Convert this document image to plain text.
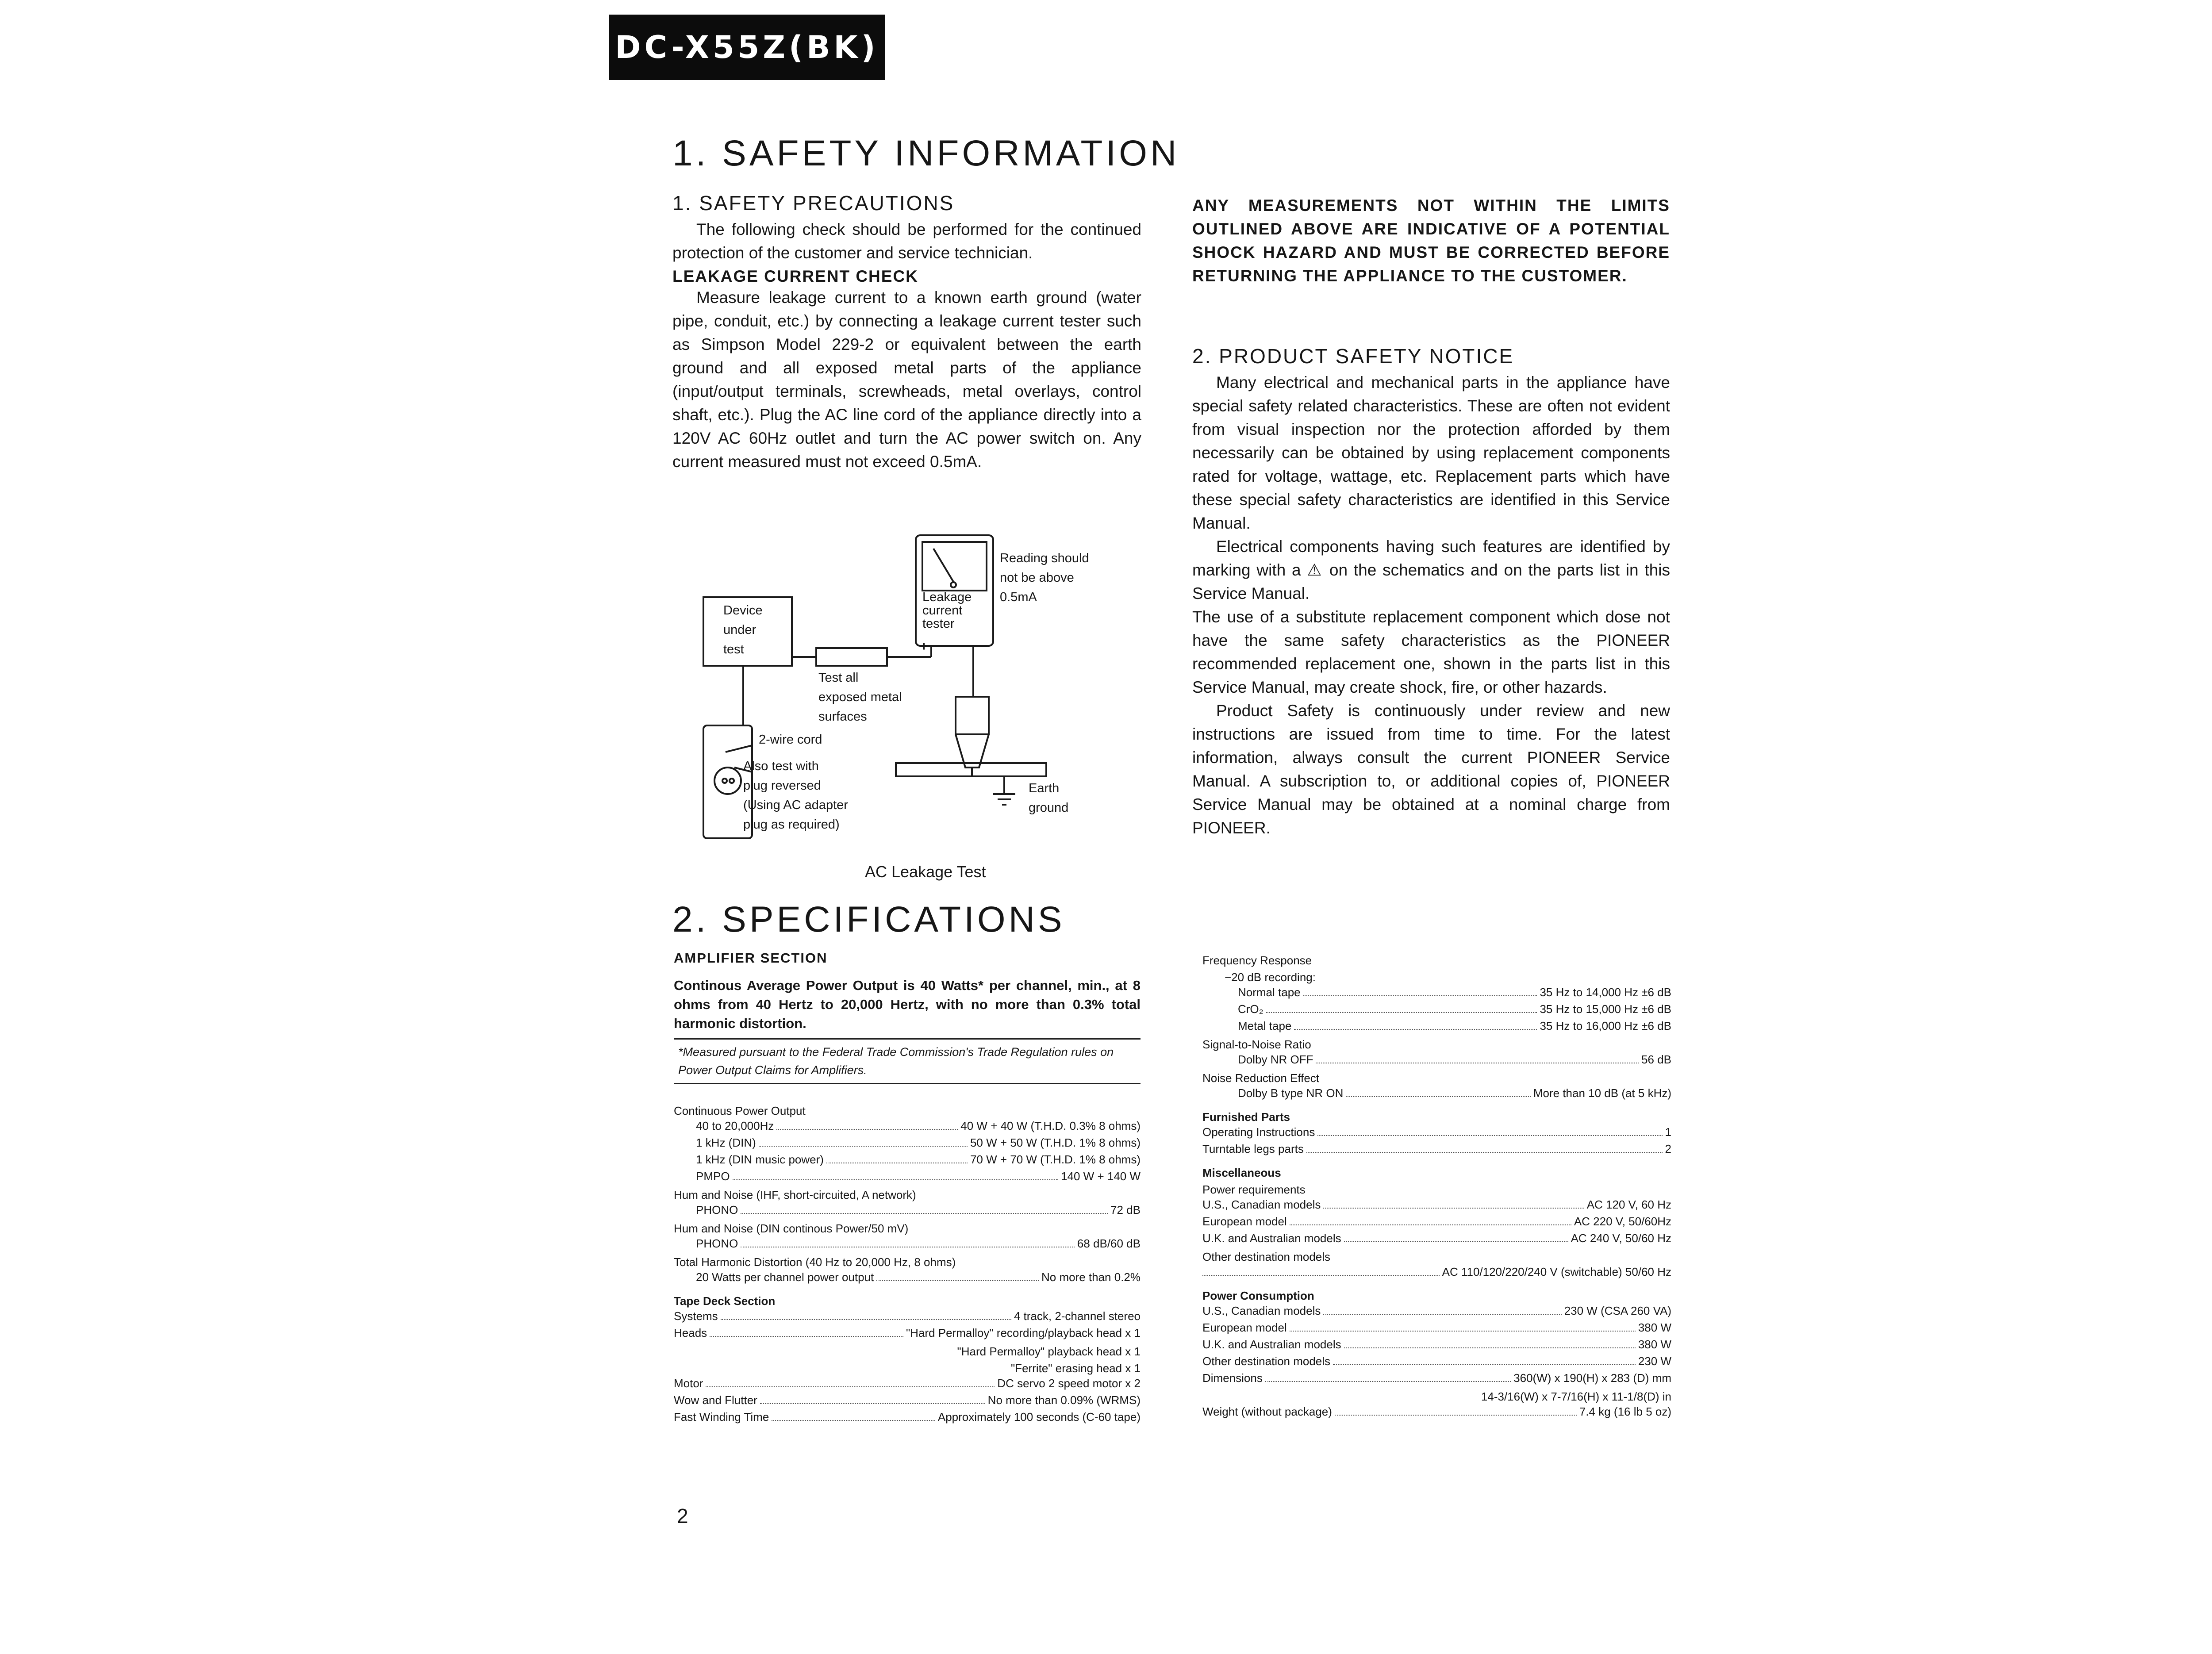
DC-X55Z(BK)
1. SAFETY INFORMATION
1. SAFETY PRECAUTIONS

The following check should be performed for the continued protection of the customer and service technician.

LEAKAGE CURRENT CHECK

Measure leakage current to a known earth ground (water pipe, conduit, etc.) by connecting a leakage current tester such as Simpson Model 229-2 or equivalent between the earth ground and all exposed metal parts of the appliance (input/output terminals, screwheads, metal overlays, control shaft, etc.). Plug the AC line cord of the appliance directly into a 120V AC 60Hz outlet and turn the AC power switch on. Any current measured must not exceed 0.5mA.

Device
under
test
Leakage
current
tester
Reading should
not be above
0.5mA
+	−
Test all
exposed metal
surfaces
2-wire cord
Also test with
plug reversed
(Using AC adapter
plug as required)
Earth
ground
AC Leakage Test

ANY MEASUREMENTS NOT WITHIN THE LIMITS OUTLINED ABOVE ARE INDICATIVE OF A POTENTIAL SHOCK HAZARD AND MUST BE CORRECTED BEFORE RETURNING THE APPLIANCE TO THE CUSTOMER.

2. PRODUCT SAFETY NOTICE

Many electrical and mechanical parts in the appliance have special safety related characteristics. These are often not evident from visual inspection nor the protection afforded by them necessarily can be obtained by using replacement components rated for voltage, wattage, etc. Replacement parts which have these special safety characteristics are identified in this Service Manual.

Electrical components having such features are identified by marking with a ⚠ on the schematics and on the parts list in this Service Manual.

The use of a substitute replacement component which dose not have the same safety characteristics as the PIONEER recommended replacement one, shown in the parts list in this Service Manual, may create shock, fire, or other hazards.

Product Safety is continuously under review and new instructions are issued from time to time. For the latest information, always consult the current PIONEER Service Manual. A subscription to, or additional copies of, PIONEER Service Manual may be obtained at a nominal charge from PIONEER.

2. SPECIFICATIONS

AMPLIFIER SECTION

Continous Average Power Output is 40 Watts* per channel, min., at 8 ohms from 40 Hertz to 20,000 Hertz, with no more than 0.3% total harmonic distortion.

*Measured pursuant to the Federal Trade Commission's Trade Regulation rules on Power Output Claims for Amplifiers.
Continuous Power Output
40 to 20,000Hz	40 W + 40 W (T.H.D. 0.3% 8 ohms)
1 kHz (DIN)	50 W + 50 W (T.H.D. 1% 8 ohms)
1 kHz (DIN music power)	70 W + 70 W (T.H.D. 1% 8 ohms)
PMPO	140 W + 140 W
Hum and Noise (IHF, short-circuited, A network)
PHONO	72 dB
Hum and Noise (DIN continous Power/50 mV)
PHONO	68 dB/60 dB
Total Harmonic Distortion (40 Hz to 20,000 Hz, 8 ohms)
20 Watts per channel power output	No more than 0.2%
Tape Deck Section
Systems	4 track, 2-channel stereo
Heads	"Hard Permalloy" recording/playback head x 1
"Hard Permalloy" playback head x 1
"Ferrite" erasing head x 1
Motor	DC servo 2 speed motor x 2
Wow and Flutter	No more than 0.09% (WRMS)
Fast Winding Time	Approximately 100 seconds (C-60 tape)
Frequency Response
−20 dB recording:
Normal tape	35 Hz to 14,000 Hz ±6 dB
CrO₂	35 Hz to 15,000 Hz ±6 dB
Metal tape	35 Hz to 16,000 Hz ±6 dB
Signal-to-Noise Ratio
Dolby NR OFF	56 dB
Noise Reduction Effect
Dolby B type NR ON	More than 10 dB (at 5 kHz)
Furnished Parts
Operating Instructions	1
Turntable legs parts	2
Miscellaneous
Power requirements
U.S., Canadian models	AC 120 V, 60 Hz
European model	AC 220 V, 50/60Hz
U.K. and Australian models	AC 240 V, 50/60 Hz
Other destination models
AC 110/120/220/240 V (switchable) 50/60 Hz
Power Consumption
U.S., Canadian models	230 W (CSA 260 VA)
European model	380 W
U.K. and Australian models	380 W
Other destination models	230 W
Dimensions	360(W) x 190(H) x 283 (D) mm
14-3/16(W) x 7-7/16(H) x 11-1/8(D) in
Weight (without package)	7.4 kg (16 lb 5 oz)
2
